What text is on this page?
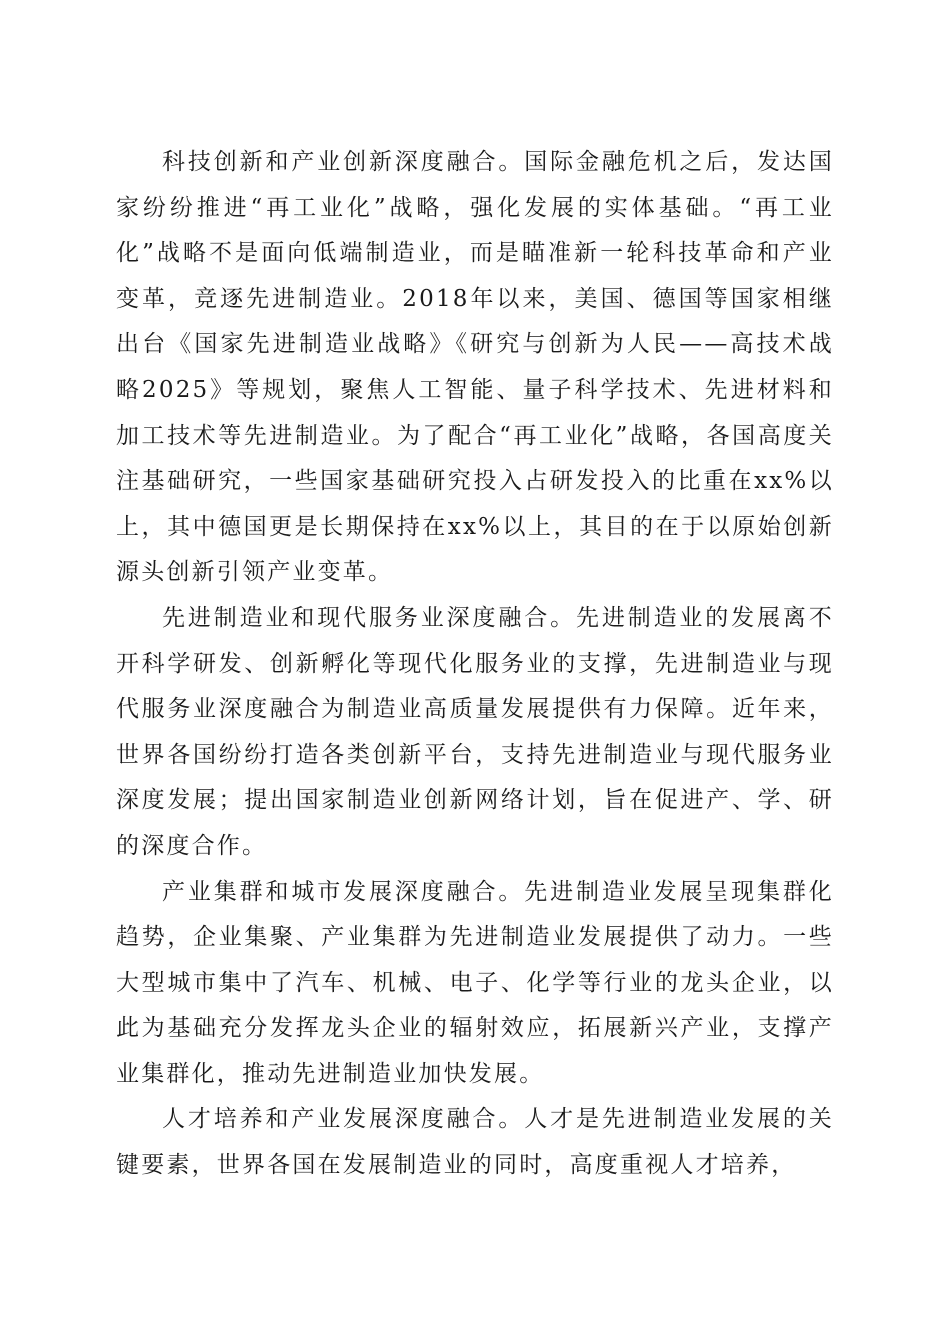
科技创新和产业创新深度融合。国际金融危机之后，发达国家纷纷推进“再工业化”战略，强化发展的实体基础。“再工业化”战略不是面向低端制造业，而是瞄准新一轮科技革命和产业变革，竞逐先进制造业。2018年以来，美国、德国等国家相继出台《国家先进制造业战略》《研究与创新为人民——高技术战略2025》等规划，聚焦人工智能、量子科学技术、先进材料和加工技术等先进制造业。为了配合“再工业化”战略，各国高度关注基础研究，一些国家基础研究投入占研发投入的比重在xx%以上，其中德国更是长期保持在xx%以上，其目的在于以原始创新源头创新引领产业变革。

先进制造业和现代服务业深度融合。先进制造业的发展离不开科学研发、创新孵化等现代化服务业的支撑，先进制造业与现代服务业深度融合为制造业高质量发展提供有力保障。近年来，世界各国纷纷打造各类创新平台，支持先进制造业与现代服务业深度发展；提出国家制造业创新网络计划，旨在促进产、学、研的深度合作。

产业集群和城市发展深度融合。先进制造业发展呈现集群化趋势，企业集聚、产业集群为先进制造业发展提供了动力。一些大型城市集中了汽车、机械、电子、化学等行业的龙头企业，以此为基础充分发挥龙头企业的辐射效应，拓展新兴产业，支撑产业集群化，推动先进制造业加快发展。

人才培养和产业发展深度融合。人才是先进制造业发展的关键要素，世界各国在发展制造业的同时，高度重视人才培养，
